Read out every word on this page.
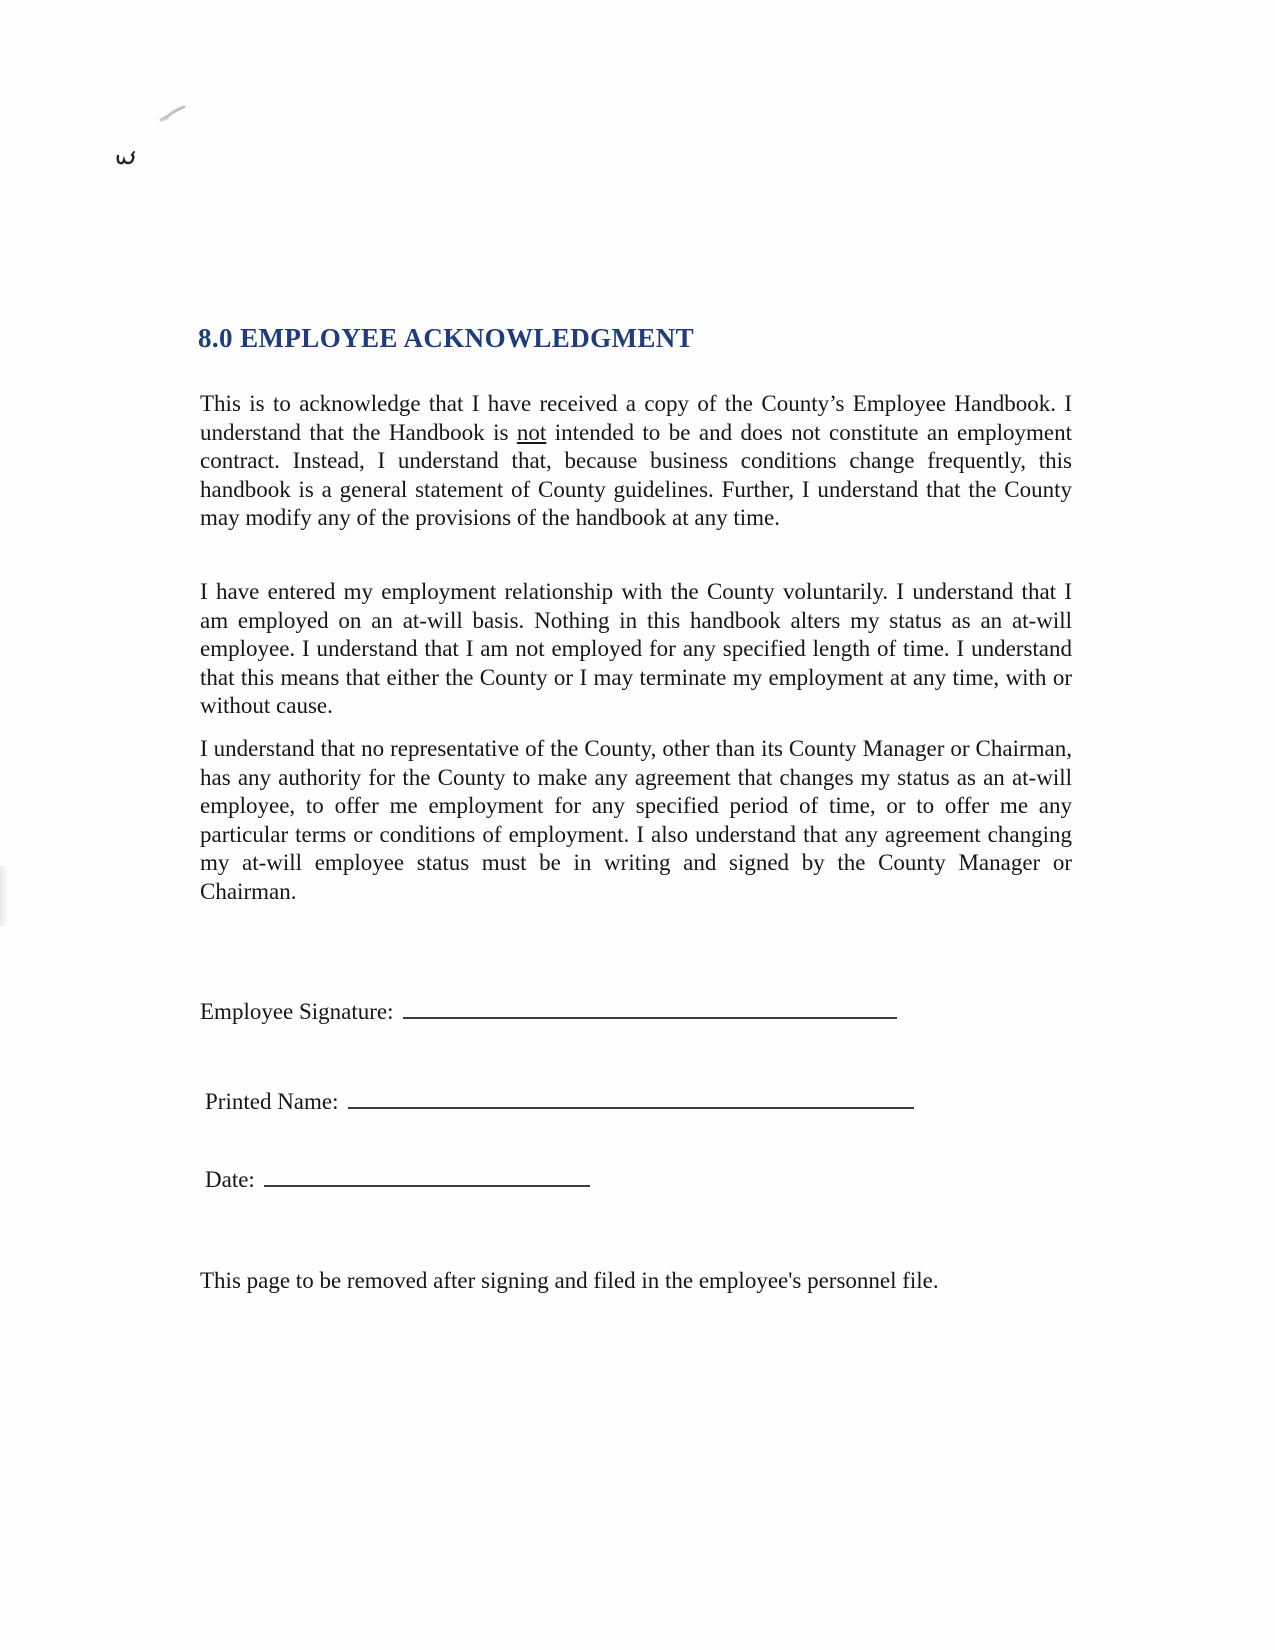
8.0 EMPLOYEE ACKNOWLEDGMENT

This is to acknowledge that I have received a copy of the County’s Employee Handbook. I understand that the Handbook is not intended to be and does not constitute an employment contract. Instead, I understand that, because business conditions change frequently, this handbook is a general statement of County guidelines. Further, I understand that the County may modify any of the provisions of the handbook at any time.

I have entered my employment relationship with the County voluntarily. I understand that I am employed on an at-will basis. Nothing in this handbook alters my status as an at-will employee. I understand that I am not employed for any specified length of time. I understand that this means that either the County or I may terminate my employment at any time, with or without cause.

I understand that no representative of the County, other than its County Manager or Chairman, has any authority for the County to make any agreement that changes my status as an at-will employee, to offer me employment for any specified period of time, or to offer me any particular terms or conditions of employment. I also understand that any agreement changing my at-will employee status must be in writing and signed by the County Manager or Chairman.

Employee Signature:
Printed Name:
Date:

This page to be removed after signing and filed in the employee's personnel file.
